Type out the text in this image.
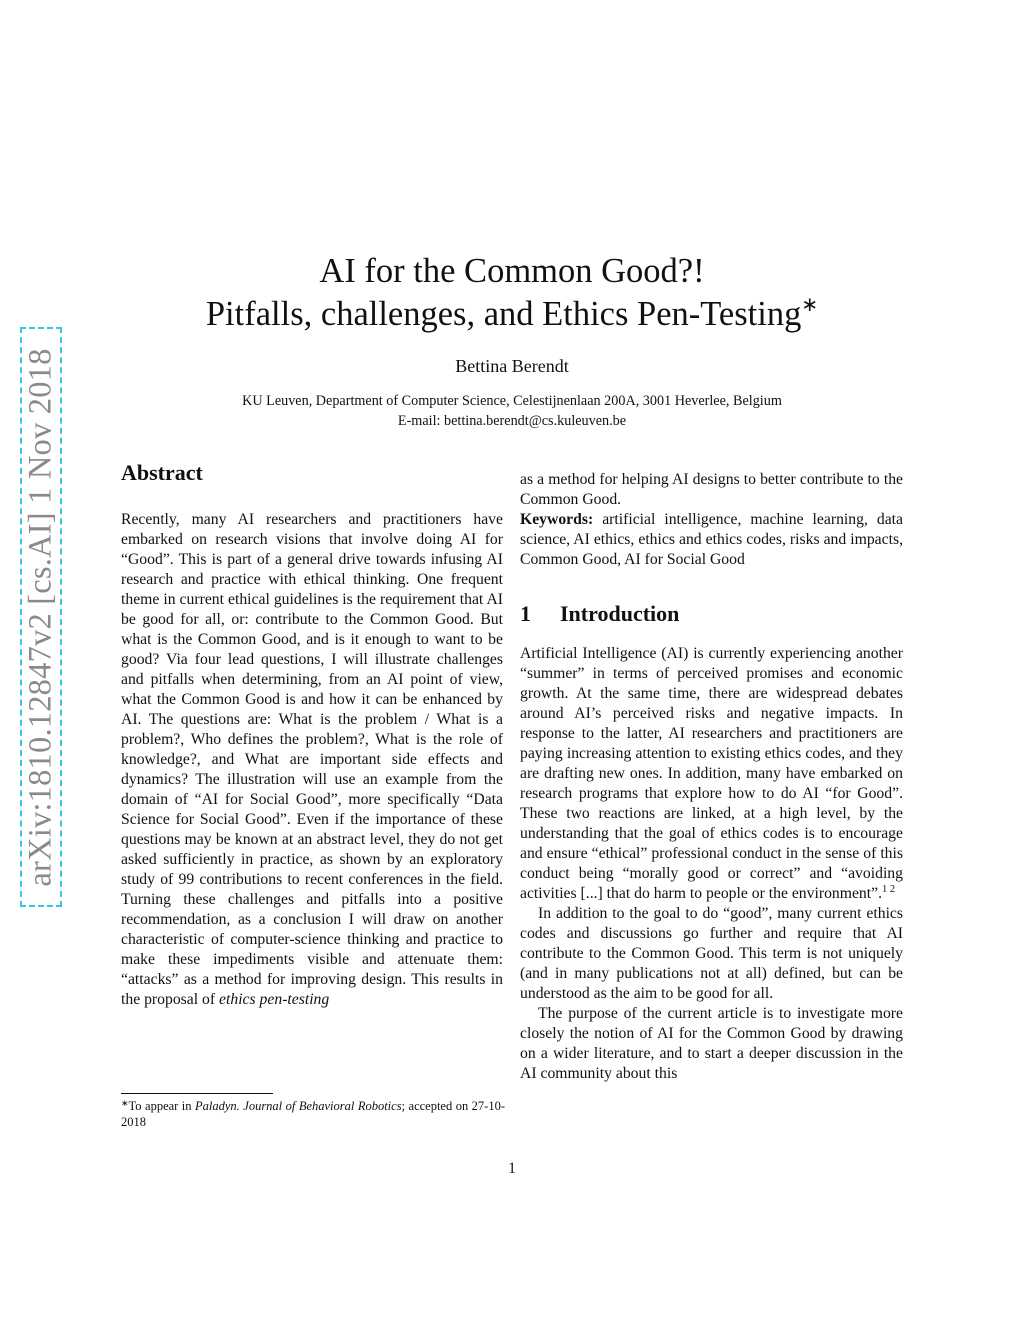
arXiv:1810.12847v2 [cs.AI] 1 Nov 2018
AI for the Common Good?!
Pitfalls, challenges, and Ethics Pen-Testing∗
Bettina Berendt
KU Leuven, Department of Computer Science, Celestijnenlaan 200A, 3001 Heverlee, Belgium
E-mail: bettina.berendt@cs.kuleuven.be
Abstract

Recently, many AI researchers and practitioners have embarked on research visions that involve doing AI for “Good”. This is part of a general drive towards infusing AI research and practice with ethical thinking. One frequent theme in current ethical guidelines is the requirement that AI be good for all, or: contribute to the Common Good. But what is the Common Good, and is it enough to want to be good? Via four lead questions, I will illustrate challenges and pitfalls when determining, from an AI point of view, what the Common Good is and how it can be enhanced by AI. The questions are: What is the problem / What is a problem?, Who defines the problem?, What is the role of knowledge?, and What are important side effects and dynamics? The illustration will use an example from the domain of “AI for Social Good”, more specifically “Data Science for Social Good”. Even if the importance of these questions may be known at an abstract level, they do not get asked sufficiently in practice, as shown by an exploratory study of 99 contributions to recent conferences in the field. Turning these challenges and pitfalls into a positive recommendation, as a conclusion I will draw on another characteristic of computer-science thinking and practice to make these impediments visible and attenuate them: “attacks” as a method for improving design. This results in the proposal of ethics pen-testing

as a method for helping AI designs to better contribute to the Common Good.

Keywords: artificial intelligence, machine learning, data science, AI ethics, ethics and ethics codes, risks and impacts, Common Good, AI for Social Good

1 Introduction

Artificial Intelligence (AI) is currently experiencing another “summer” in terms of perceived promises and economic growth. At the same time, there are widespread debates around AI’s perceived risks and negative impacts. In response to the latter, AI researchers and practitioners are paying increasing attention to existing ethics codes, and they are drafting new ones. In addition, many have embarked on research programs that explore how to do AI “for Good”. These two reactions are linked, at a high level, by the understanding that the goal of ethics codes is to encourage and ensure “ethical” professional conduct in the sense of this conduct being “morally good or correct” and “avoiding activities [...] that do harm to people or the environment”.$^{1 2}$

In addition to the goal to do “good”, many current ethics codes and discussions go further and require that AI contribute to the Common Good. This term is not uniquely (and in many publications not at all) defined, but can be understood as the aim to be good for all.

The purpose of the current article is to investigate more closely the notion of AI for the Common Good by drawing on a wider literature, and to start a deeper discussion in the AI community about this

∗To appear in Paladyn. Journal of Behavioral Robotics; accepted on 27-10-2018
1
